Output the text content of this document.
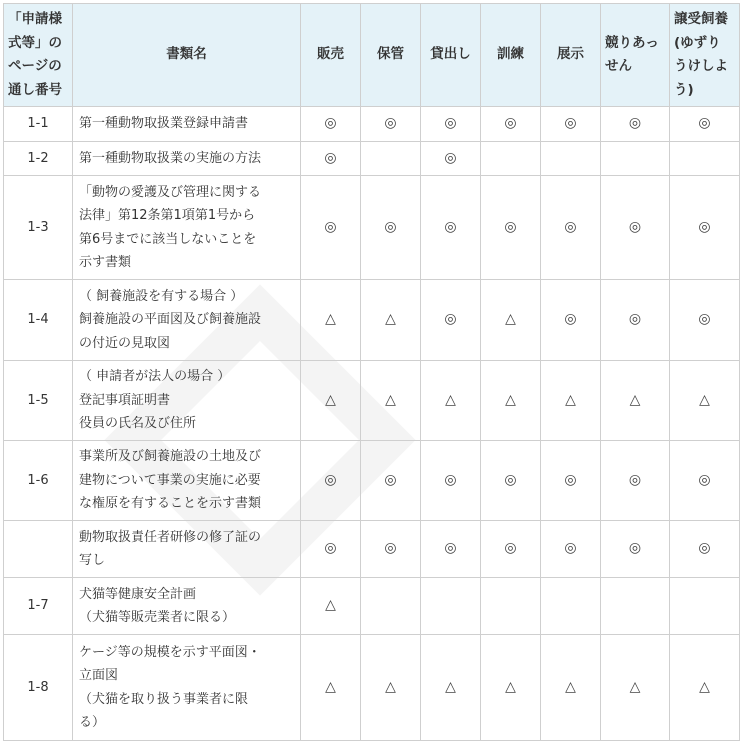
「申請様
式等」の
ページの
通し番号	書類名	販売	保管	貸出し	訓練	展示	競りあっ
せん	譲受飼養
(ゆずり
うけしよ
う)

1-1	第一種動物取扱業登録申請書	◎	◎	◎	◎	◎	◎	◎
1-2	第一種動物取扱業の実施の方法	◎		◎				
1-3	「動物の愛護及び管理に関する
法律」第12条第1項第1号から
第6号までに該当しないことを
示す書類	◎	◎	◎	◎	◎	◎	◎
1-4	（ 飼養施設を有する場合 ）
飼養施設の平面図及び飼養施設
の付近の見取図	△	△	◎	△	◎	◎	◎
1-5	（ 申請者が法人の場合 ）
登記事項証明書
役員の氏名及び住所	△	△	△	△	△	△	△
1-6	事業所及び飼養施設の土地及び
建物について事業の実施に必要
な権原を有することを示す書類	◎	◎	◎	◎	◎	◎	◎

	動物取扱責任者研修の修了証の
写し	◎	◎	◎	◎	◎	◎	◎
1-7	犬猫等健康安全計画
（犬猫等販売業者に限る）	△						
1-8	ケージ等の規模を示す平面図・
立面図
（犬猫を取り扱う事業者に限
る）	△	△	△	△	△	△	△
